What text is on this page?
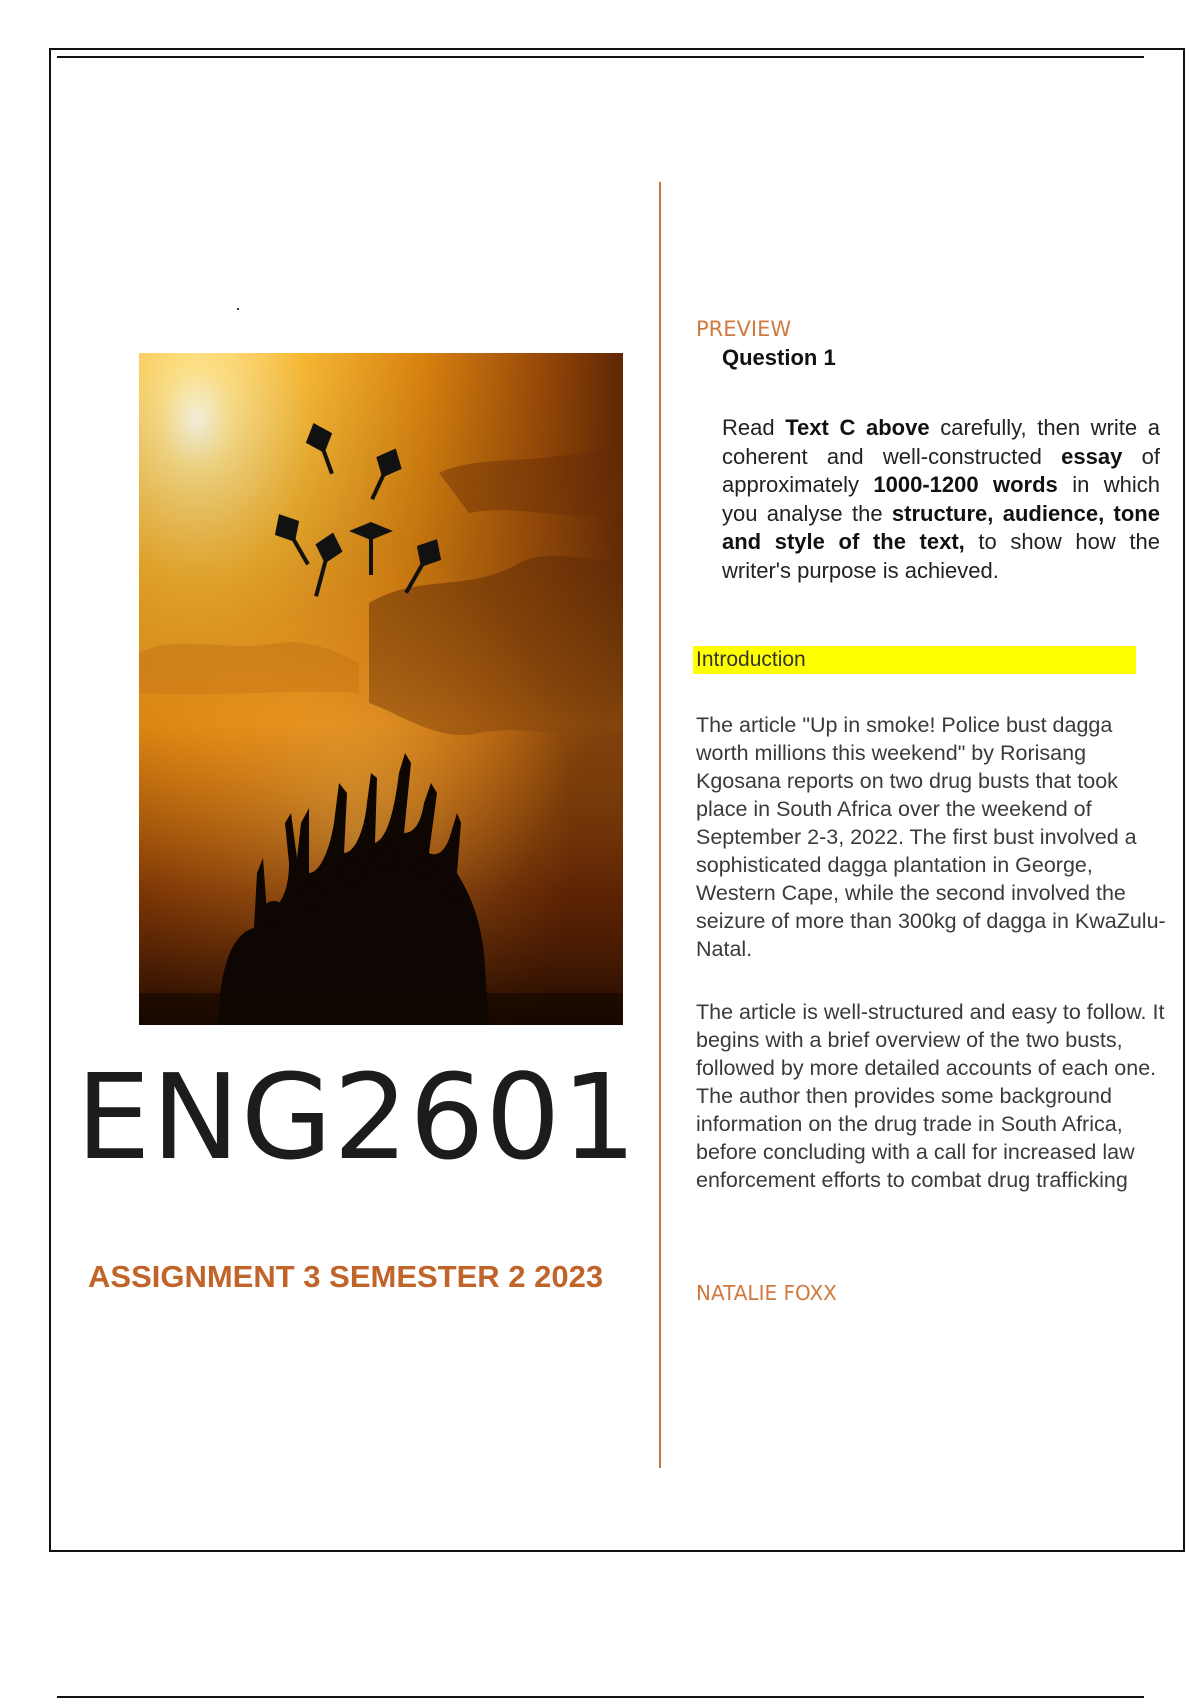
ENG2601
ASSIGNMENT 3 SEMESTER 2 2023
PREVIEW
Question 1
Read Text C above carefully, then write a coherent and well-constructed essay of approximately 1000-1200 words in which you analyse the structure, audience, tone and style of the text, to show how the writer's purpose is achieved.
Introduction
The article "Up in smoke! Police bust dagga worth millions this weekend" by Rorisang Kgosana reports on two drug busts that took place in South Africa over the weekend of September 2-3, 2022. The first bust involved a sophisticated dagga plantation in George, Western Cape, while the second involved the seizure of more than 300kg of dagga in KwaZulu-Natal.
The article is well-structured and easy to follow. It begins with a brief overview of the two busts, followed by more detailed accounts of each one. The author then provides some background information on the drug trade in South Africa, before concluding with a call for increased law enforcement efforts to combat drug trafficking
NATALIE FOXX
